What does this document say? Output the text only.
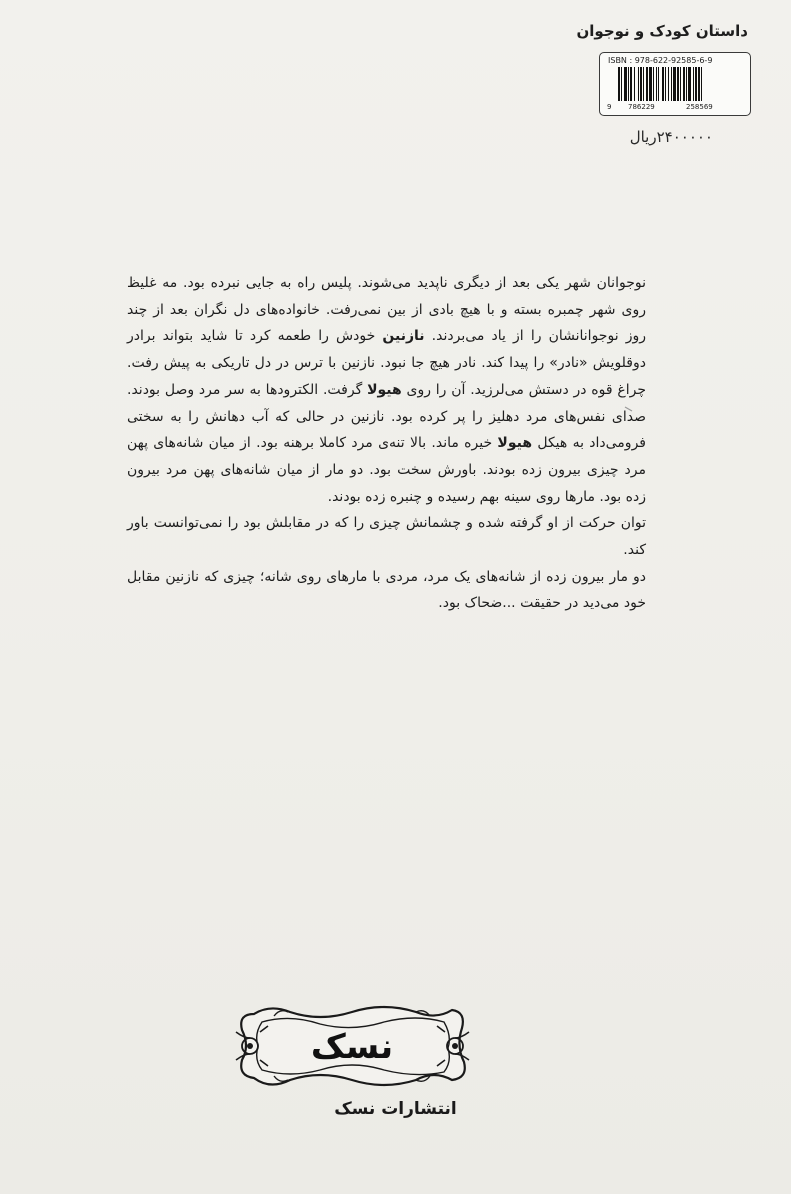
داستان کودک و نوجوان
ISBN : 978-622-92585-6-9
9 786229	258569
۲۴۰۰۰۰۰ریال

نوجوانان شهر یکی بعد از دیگری ناپدید می‌شوند. پلیس راه به جایی نبرده بود. مه غلیظ روی شهر چمبره بسته و با هیچ بادی از بین نمی‌رفت. خانواده‌های دل نگران بعد از چند روز نوجوانانشان را از یاد می‌بردند. نازنین خودش را طعمه کرد تا شاید بتواند برادر دوقلویش «نادر» را پیدا کند. نادر هیچ جا نبود. نازنین با ترس در دل تاریکی به پیش رفت. چراغ قوه در دستش می‌لرزید. آن را روی هیولا گرفت. الکترودها به سر مرد وصل بودند. صدای نفس‌های مرد دهلیز را پر کرده بود. نازنین در حالی که آب دهانش را به سختی فرومی‌داد به هیکل هیولا خیره ماند. بالا تنه‌ی مرد کاملا برهنه بود. از میان شانه‌های پهن مرد چیزی بیرون زده بودند. باورش سخت بود. دو مار از میان شانه‌های پهن مرد بیرون زده بود. مارها روی سینه بهم رسیده و چنبره زده بودند.

توان حرکت از او گرفته شده و چشمانش چیزی را که در مقابلش بود را نمی‌توانست باور کند.

دو مار بیرون زده از شانه‌های یک مرد، مردی با مارهای روی شانه؛ چیزی که نازنین مقابل خود می‌دید در حقیقت ...ضحاک بود.

نسک
انتشارات نسک
